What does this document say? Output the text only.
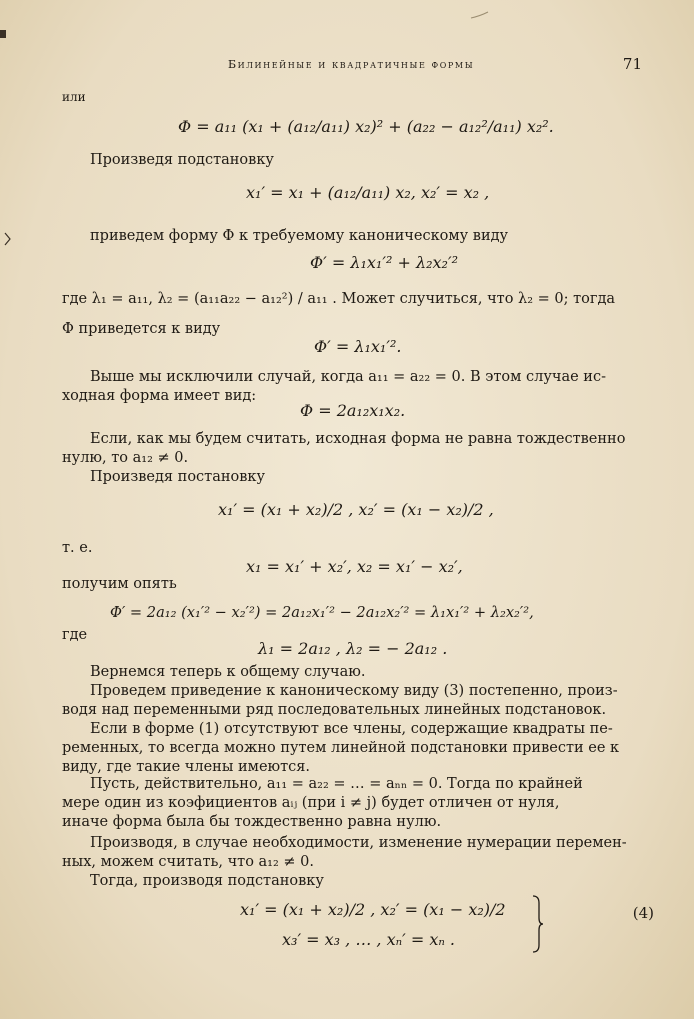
Билинейные и квадратичные формы	71
или
Φ = a₁₁ (x₁ + (a₁₂/a₁₁) x₂)² + (a₂₂ − a₁₂²/a₁₁) x₂².
Произведя подстановку
x₁′ = x₁ + (a₁₂/a₁₁) x₂, x₂′ = x₂ ,
приведем форму Φ к требуемому каноническому виду
Φ′ = λ₁x₁′² + λ₂x₂′²
где λ₁ = a₁₁, λ₂ = (a₁₁a₂₂ − a₁₂²) / a₁₁ . Может случиться, что λ₂ = 0; тогда
Φ приведется к виду
Φ′ = λ₁x₁′².
Выше мы исключили случай, когда a₁₁ = a₂₂ = 0. В этом случае ис-
ходная форма имеет вид:
Φ = 2a₁₂x₁x₂.
Если, как мы будем считать, исходная форма не равна тождественно
нулю, то a₁₂ ≠ 0.
Произведя постановку
x₁′ = (x₁ + x₂)/2 , x₂′ = (x₁ − x₂)/2 ,
т. е.
x₁ = x₁′ + x₂′, x₂ = x₁′ − x₂′,
получим опять
Φ′ = 2a₁₂ (x₁′² − x₂′²) = 2a₁₂x₁′² − 2a₁₂x₂′² = λ₁x₁′² + λ₂x₂′²,
где
λ₁ = 2a₁₂ , λ₂ = − 2a₁₂ .
Вернемся теперь к общему случаю.
Проведем приведение к каноническому виду (3) постепенно, произ-
водя над переменными ряд последовательных линейных подстановок.
Если в форме (1) отсутствуют все члены, содержащие квадраты пе-
ременных, то всегда можно путем линейной подстановки привести ее к
виду, где такие члены имеются.
Пусть, действительно, a₁₁ = a₂₂ = … = aₙₙ = 0. Тогда по крайней
мере один из коэфициентов aᵢⱼ (при i ≠ j) будет отличен от нуля,
иначе форма была бы тождественно равна нулю.
Производя, в случае необходимости, изменение нумерации перемен-
ных, можем считать, что a₁₂ ≠ 0.
Тогда, производя подстановку
x₁′ = (x₁ + x₂)/2 , x₂′ = (x₁ − x₂)/2
x₃′ = x₃ , … , xₙ′ = xₙ .
(4)
